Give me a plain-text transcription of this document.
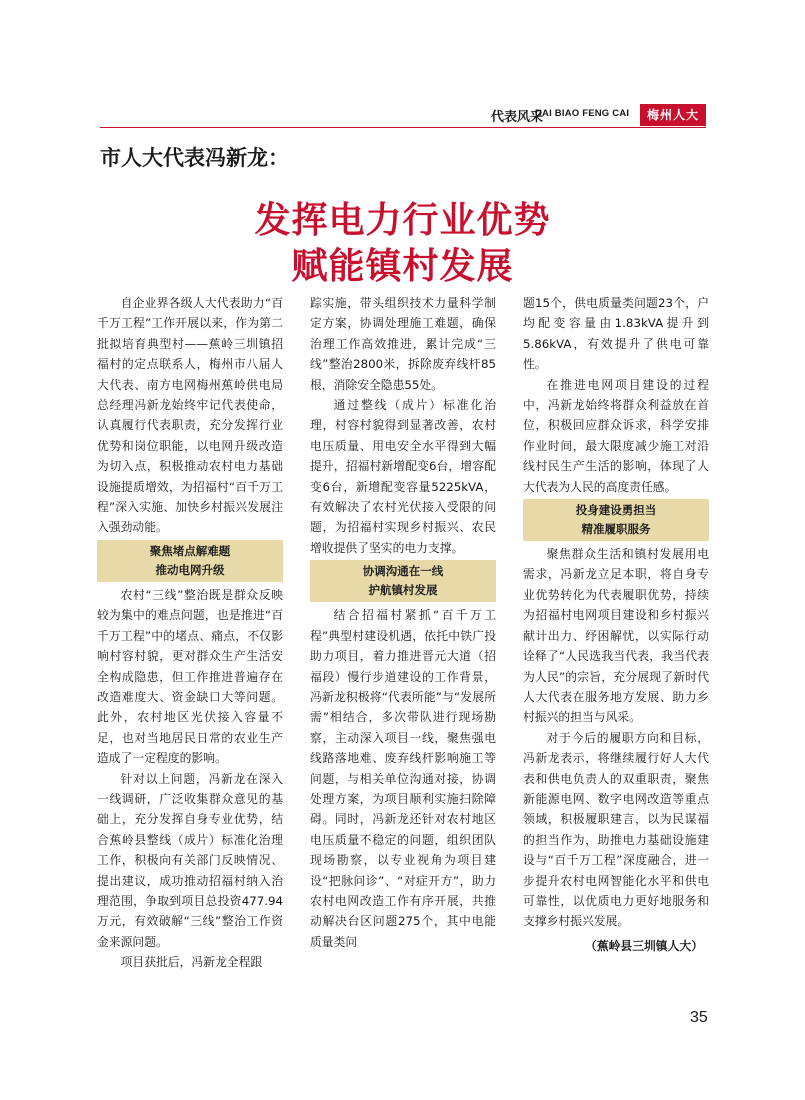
代表风采
DAI BIAO FENG CAI	梅州人大
市人大代表冯新龙：
发挥电力行业优势
赋能镇村发展

自企业界各级人大代表助力“百千万工程”工作开展以来，作为第二批拟培育典型村——蕉岭三圳镇招福村的定点联系人，梅州市八届人大代表、南方电网梅州蕉岭供电局总经理冯新龙始终牢记代表使命，认真履行代表职责，充分发挥行业优势和岗位职能，以电网升级改造为切入点，积极推动农村电力基础设施提质增效，为招福村“百千万工程”深入实施、加快乡村振兴发展注入强劲动能。

聚焦堵点解难题
推动电网升级

农村“三线”整治既是群众反映较为集中的难点问题，也是推进“百千万工程”中的堵点、痛点，不仅影响村容村貌，更对群众生产生活安全构成隐患，但工作推进普遍存在改造难度大、资金缺口大等问题。此外，农村地区光伏接入容量不足，也对当地居民日常的农业生产造成了一定程度的影响。

针对以上问题，冯新龙在深入一线调研，广泛收集群众意见的基础上，充分发挥自身专业优势，结合蕉岭县整线（成片）标准化治理工作，积极向有关部门反映情况、提出建议，成功推动招福村纳入治理范围，争取到项目总投资477.94万元，有效破解“三线”整治工作资金来源问题。

项目获批后，冯新龙全程跟

踪实施，带头组织技术力量科学制定方案，协调处理施工难题，确保治理工作高效推进，累计完成“三线”整治2800米，拆除废弃线杆85根，消除安全隐患55处。

通过整线（成片）标准化治理，村容村貌得到显著改善，农村电压质量、用电安全水平得到大幅提升，招福村新增配变6台，增容配变6台，新增配变容量5225kVA，有效解决了农村光伏接入受限的问题，为招福村实现乡村振兴、农民增收提供了坚实的电力支撑。

协调沟通在一线
护航镇村发展

结合招福村紧抓“百千万工程”典型村建设机遇，依托中铁广投助力项目，着力推进晋元大道（招福段）慢行步道建设的工作背景，冯新龙积极将“代表所能”与“发展所需”相结合，多次带队进行现场勘察，主动深入项目一线，聚焦强电线路落地难、废弃线杆影响施工等问题，与相关单位沟通对接，协调处理方案，为项目顺利实施扫除障碍。同时，冯新龙还针对农村地区电压质量不稳定的问题，组织团队现场勘察，以专业视角为项目建设“把脉问诊”、“对症开方”，助力农村电网改造工作有序开展，共推动解决台区问题275个，其中电能质量类问

题15个，供电质量类问题23个，户均配变容量由1.83kVA提升到5.86kVA，有效提升了供电可靠性。

在推进电网项目建设的过程中，冯新龙始终将群众利益放在首位，积极回应群众诉求，科学安排作业时间，最大限度减少施工对沿线村民生产生活的影响，体现了人大代表为人民的高度责任感。

投身建设勇担当
精准履职服务

聚焦群众生活和镇村发展用电需求，冯新龙立足本职，将自身专业优势转化为代表履职优势，持续为招福村电网项目建设和乡村振兴献计出力、纾困解忧，以实际行动诠释了“人民选我当代表，我当代表为人民”的宗旨，充分展现了新时代人大代表在服务地方发展、助力乡村振兴的担当与风采。

对于今后的履职方向和目标，冯新龙表示，将继续履行好人大代表和供电负责人的双重职责，聚焦新能源电网、数字电网改造等重点领域，积极履职建言，以为民谋福的担当作为，助推电力基础设施建设与“百千万工程”深度融合，进一步提升农村电网智能化水平和供电可靠性，以优质电力更好地服务和支撑乡村振兴发展。

（蕉岭县三圳镇人大）

35
